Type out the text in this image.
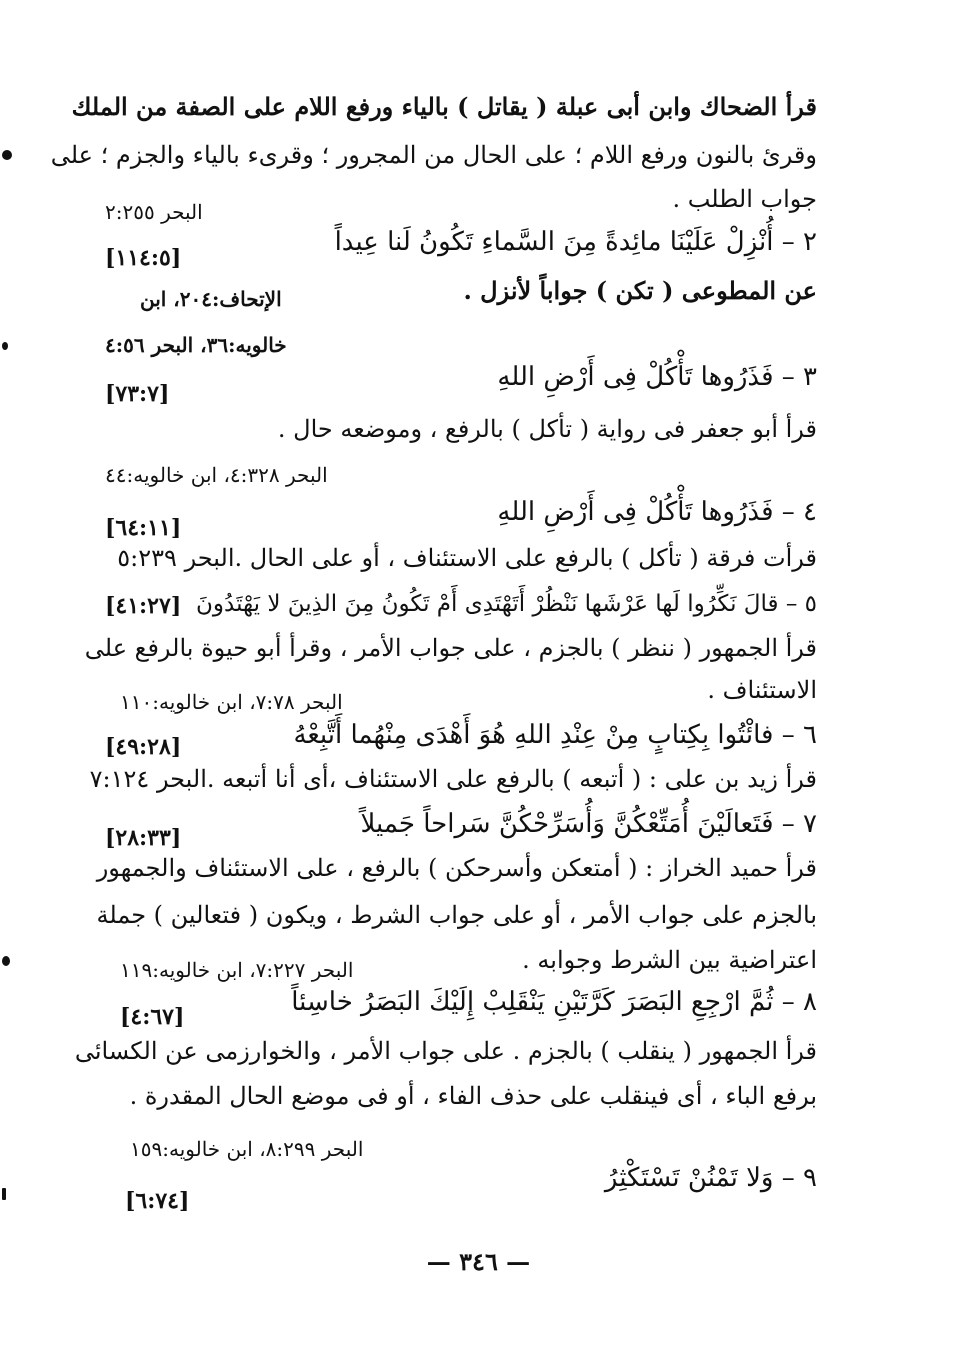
قرأ الضحاك وابن أبى عبلة ( يقاتل ) بالياء ورفع اللام على الصفة من الملك
وقرئ بالنون ورفع اللام ؛ على الحال من المجرور ؛ وقرىء بالياء والجزم ؛ على
جواب الطلب .
البحر ٢:٢٥٥
٢ – أُنْزِلْ عَلَيْنَا مائِدةً مِنَ السَّماءِ تَكُونُ لَنا عِيداً
[١١٤:٥]
عن المطوعى ( تكن ) جواباً لأنزل .
الإتحاف:٢٠٤، ابن
خالويه:٣٦، البحر ٤:٥٦
٣ – فَذَرُوها تَأْكُلْ فِى أَرْضِ اللهِ
[٧٣:٧]
قرأ أبو جعفر فى رواية ( تأكل ) بالرفع ، وموضعه حال .
البحر ٤:٣٢٨، ابن خالويه:٤٤
٤ – فَذَرُوها تَأْكُلْ فِى أَرْضِ اللهِ
[٦٤:١١]
قرأت فرقة ( تأكل ) بالرفع على الاستئناف ، أو على الحال .البحر ٥:٢٣٩
٥ – قالَ نَكِّرُوا لَها عَرْشَها نَنْظُرْ أَتَهْتَدِى أَمْ تَكُونُ مِنَ الذِينَ لا يَهْتَدُونَ
[٤١:٢٧]
قرأ الجمهور ( ننظر ) بالجزم ، على جواب الأمر ، وقرأ أبو حيوة بالرفع على
الاستئناف .
البحر ٧:٧٨، ابن خالويه:١١٠
٦ – فائْتُوا بِكِتابٍ مِنْ عِنْدِ اللهِ هُوَ أَهْدَى مِنْهُما أَتَّبِعْهُ
[٤٩:٢٨]
قرأ زيد بن على : ( أتبعه ) بالرفع على الاستئناف ،أى أنا أتبعه .البحر ٧:١٢٤
٧ – فَتَعالَيْنَ أُمَتِّعْكُنَّ وَأُسَرِّحْكُنَّ سَراحاً جَميلاً
[٢٨:٣٣]
قرأ حميد الخراز : ( أمتعكن وأسرحكن ) بالرفع ، على الاستئناف والجمهور
بالجزم على جواب الأمر ، أو على جواب الشرط ، ويكون ( فتعالين ) جملة
اعتراضية بين الشرط وجوابه .
البحر ٧:٢٢٧، ابن خالويه:١١٩
٨ – ثُمَّ ارْجِعِ البَصَرَ كَرَّتَيْنِ يَنْقَلِبْ إِلَيْكَ البَصَرُ خاسِئاً
[٤:٦٧]
قرأ الجمهور ( ينقلب ) بالجزم . على جواب الأمر ، والخوارزمى عن الكسائى
برفع الباء ، أى فينقلب على حذف الفاء ، أو فى موضع الحال المقدرة .
البحر ٨:٢٩٩، ابن خالويه:١٥٩
٩ – وَلا تَمْنُنْ تَسْتَكْثِرُ
[٦:٧٤]
— ٣٤٦ —
